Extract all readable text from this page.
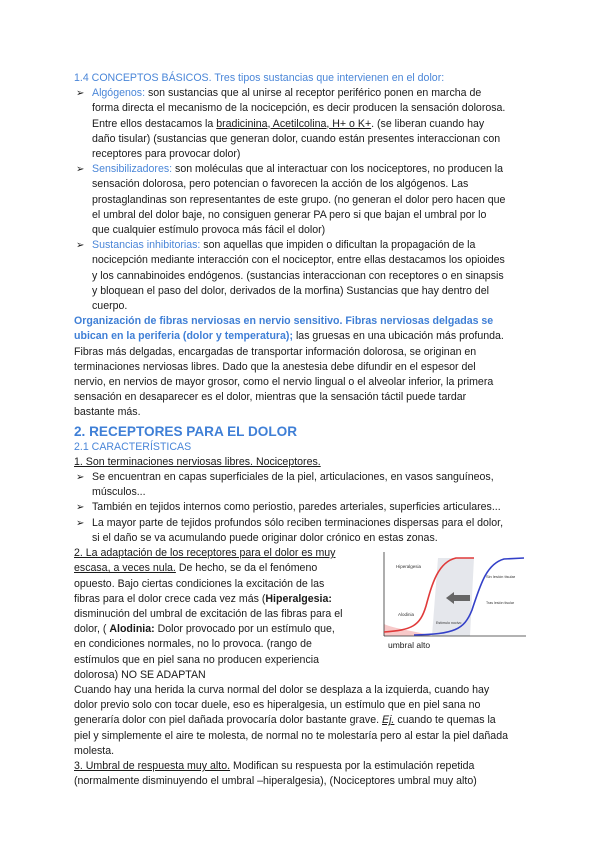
1.4 CONCEPTOS BÁSICOS. Tres tipos sustancias que intervienen en el dolor:

➢ Algógenos: son sustancias que al unirse al receptor periférico ponen en marcha de

forma directa el mecanismo de la nocicepción, es decir producen la sensación dolorosa.

Entre ellos destacamos la bradicinina, Acetilcolina, H+ o K+. (se liberan cuando hay

daño tisular) (sustancias que generan dolor, cuando están presentes interaccionan con

receptores para provocar dolor)

➢ Sensibilizadores: son moléculas que al interactuar con los nociceptores, no producen la

sensación dolorosa, pero potencian o favorecen la acción de los algógenos. Las

prostaglandinas son representantes de este grupo. (no generan el dolor pero hacen que

el umbral del dolor baje, no consiguen generar PA pero si que bajan el umbral por lo

que cualquier estímulo provoca más fácil el dolor)

➢ Sustancias inhibitorias: son aquellas que impiden o dificultan la propagación de la

nocicepción mediante interacción con el nociceptor, entre ellas destacamos los opioides

y los cannabinoides endógenos. (sustancias interaccionan con receptores o en sinapsis

y bloquean el paso del dolor, derivados de la morfina) Sustancias que hay dentro del

cuerpo.

Organización de fibras nerviosas en nervio sensitivo. Fibras nerviosas delgadas se

ubican en la periferia (dolor y temperatura); las gruesas en una ubicación más profunda.

Fibras más delgadas, encargadas de transportar información dolorosa, se originan en

terminaciones nerviosas libres. Dado que la anestesia debe difundir en el espesor del

nervio, en nervios de mayor grosor, como el nervio lingual o el alveolar inferior, la primera

sensación en desaparecer es el dolor, mientras que la sensación táctil puede tardar

bastante más.

2. RECEPTORES PARA EL DOLOR

2.1 CARACTERÍSTICAS

1. Son terminaciones nerviosas libres. Nociceptores.

➢ Se encuentran en capas superficiales de la piel, articulaciones, en vasos sanguíneos,

músculos...

➢ También en tejidos internos como periostio, paredes arteriales, superficies articulares...

➢ La mayor parte de tejidos profundos sólo reciben terminaciones dispersas para el dolor,

si el daño se va acumulando puede originar dolor crónico en estas zonas.

2. La adaptación de los receptores para el dolor es muy

escasa, a veces nula. De hecho, se da el fenómeno

opuesto. Bajo ciertas condiciones la excitación de las

fibras para el dolor crece cada vez más (Hiperalgesia:

disminución del umbral de excitación de las fibras para el

dolor, ( Alodinia: Dolor provocado por un estímulo que,

en condiciones normales, no lo provoca. (rango de

estímulos que en piel sana no producen experiencia

dolorosa) NO SE ADAPTAN

Hiperalgesia
Alodinia
Sin lesión tisular
Tras lesión tisular
Estímulo nocivo
umbral alto

Cuando hay una herida la curva normal del dolor se desplaza a la izquierda, cuando hay

dolor previo solo con tocar duele, eso es hiperalgesia, un estímulo que en piel sana no

generaría dolor con piel dañada provocaría dolor bastante grave. Ej. cuando te quemas la

piel y simplemente el aire te molesta, de normal no te molestaría pero al estar la piel dañada

molesta.

3. Umbral de respuesta muy alto. Modifican su respuesta por la estimulación repetida

(normalmente disminuyendo el umbral –hiperalgesia), (Nociceptores umbral muy alto)
